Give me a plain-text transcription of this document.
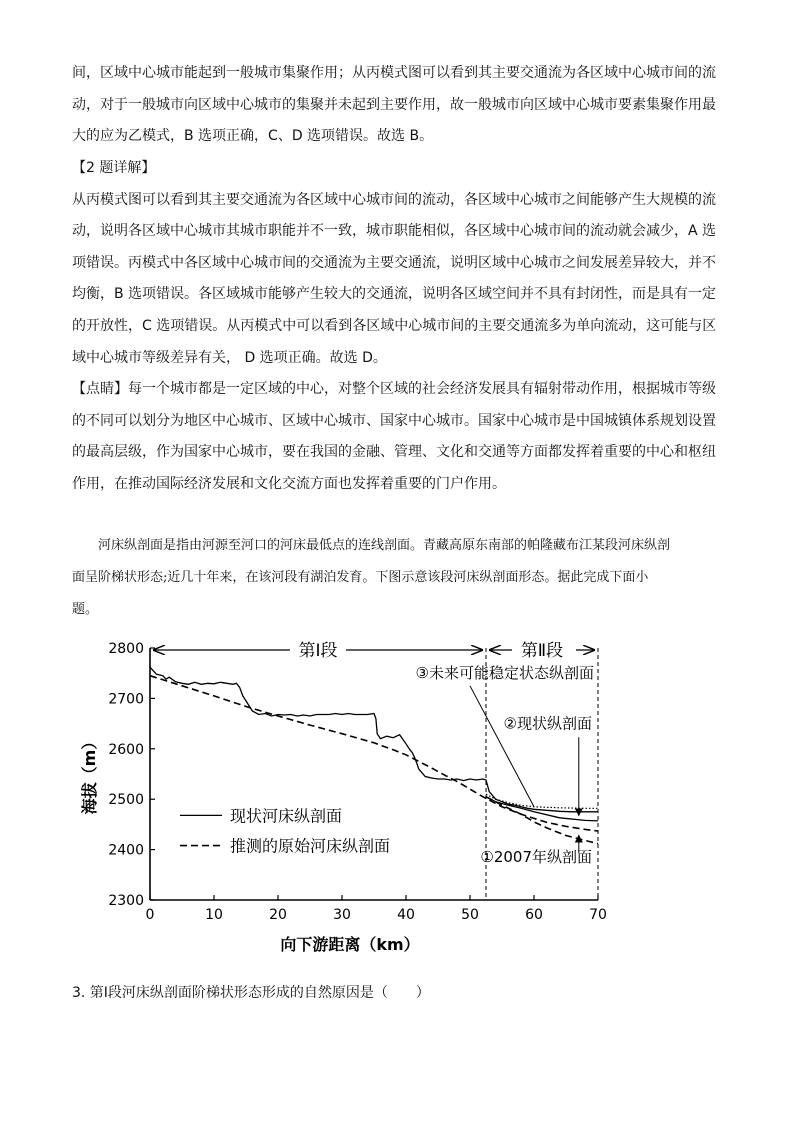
间，区域中心城市能起到一般城市集聚作用；从丙模式图可以看到其主要交通流为各区域中心城市间的流
动，对于一般城市向区域中心城市的集聚并未起到主要作用，故一般城市向区域中心城市要素集聚作用最
大的应为乙模式，B 选项正确，C、D 选项错误。故选 B。
【2 题详解】
从丙模式图可以看到其主要交通流为各区域中心城市间的流动，各区域中心城市之间能够产生大规模的流
动，说明各区域中心城市其城市职能并不一致，城市职能相似，各区域中心城市间的流动就会减少，A 选
项错误。丙模式中各区域中心城市间的交通流为主要交通流，说明区域中心城市之间发展差异较大，并不
均衡，B 选项错误。各区域城市能够产生较大的交通流，说明各区域空间并不具有封闭性，而是具有一定
的开放性，C 选项错误。从丙模式中可以看到各区域中心城市间的主要交通流多为单向流动，这可能与区
域中心城市等级差异有关， D 选项正确。故选 D。
【点睛】每一个城市都是一定区域的中心，对整个区域的社会经济发展具有辐射带动作用，根据城市等级
的不同可以划分为地区中心城市、区域中心城市、国家中心城市。国家中心城市是中国城镇体系规划设置
的最高层级，作为国家中心城市，要在我国的金融、管理、文化和交通等方面都发挥着重要的中心和枢纽
作用，在推动国际经济发展和文化交流方面也发挥着重要的门户作用。
河床纵剖面是指由河源至河口的河床最低点的连线剖面。青藏高原东南部的帕隆藏布江某段河床纵剖
面呈阶梯状形态;近几十年来，在该河段有湖泊发育。下图示意该段河床纵剖面形态。据此完成下面小
题。
0	10	20	30	40	50	60	70
2300
2400
2500
2600
2700
2800
向下游距离（km）
海拔（m）
第Ⅰ段	第Ⅱ段
现状河床纵剖面
推测的原始河床纵剖面
③未来可能稳定状态纵剖面
②现状纵剖面
①2007年纵剖面

3. 第Ⅰ段河床纵剖面阶梯状形态形成的自然原因是（　　）
